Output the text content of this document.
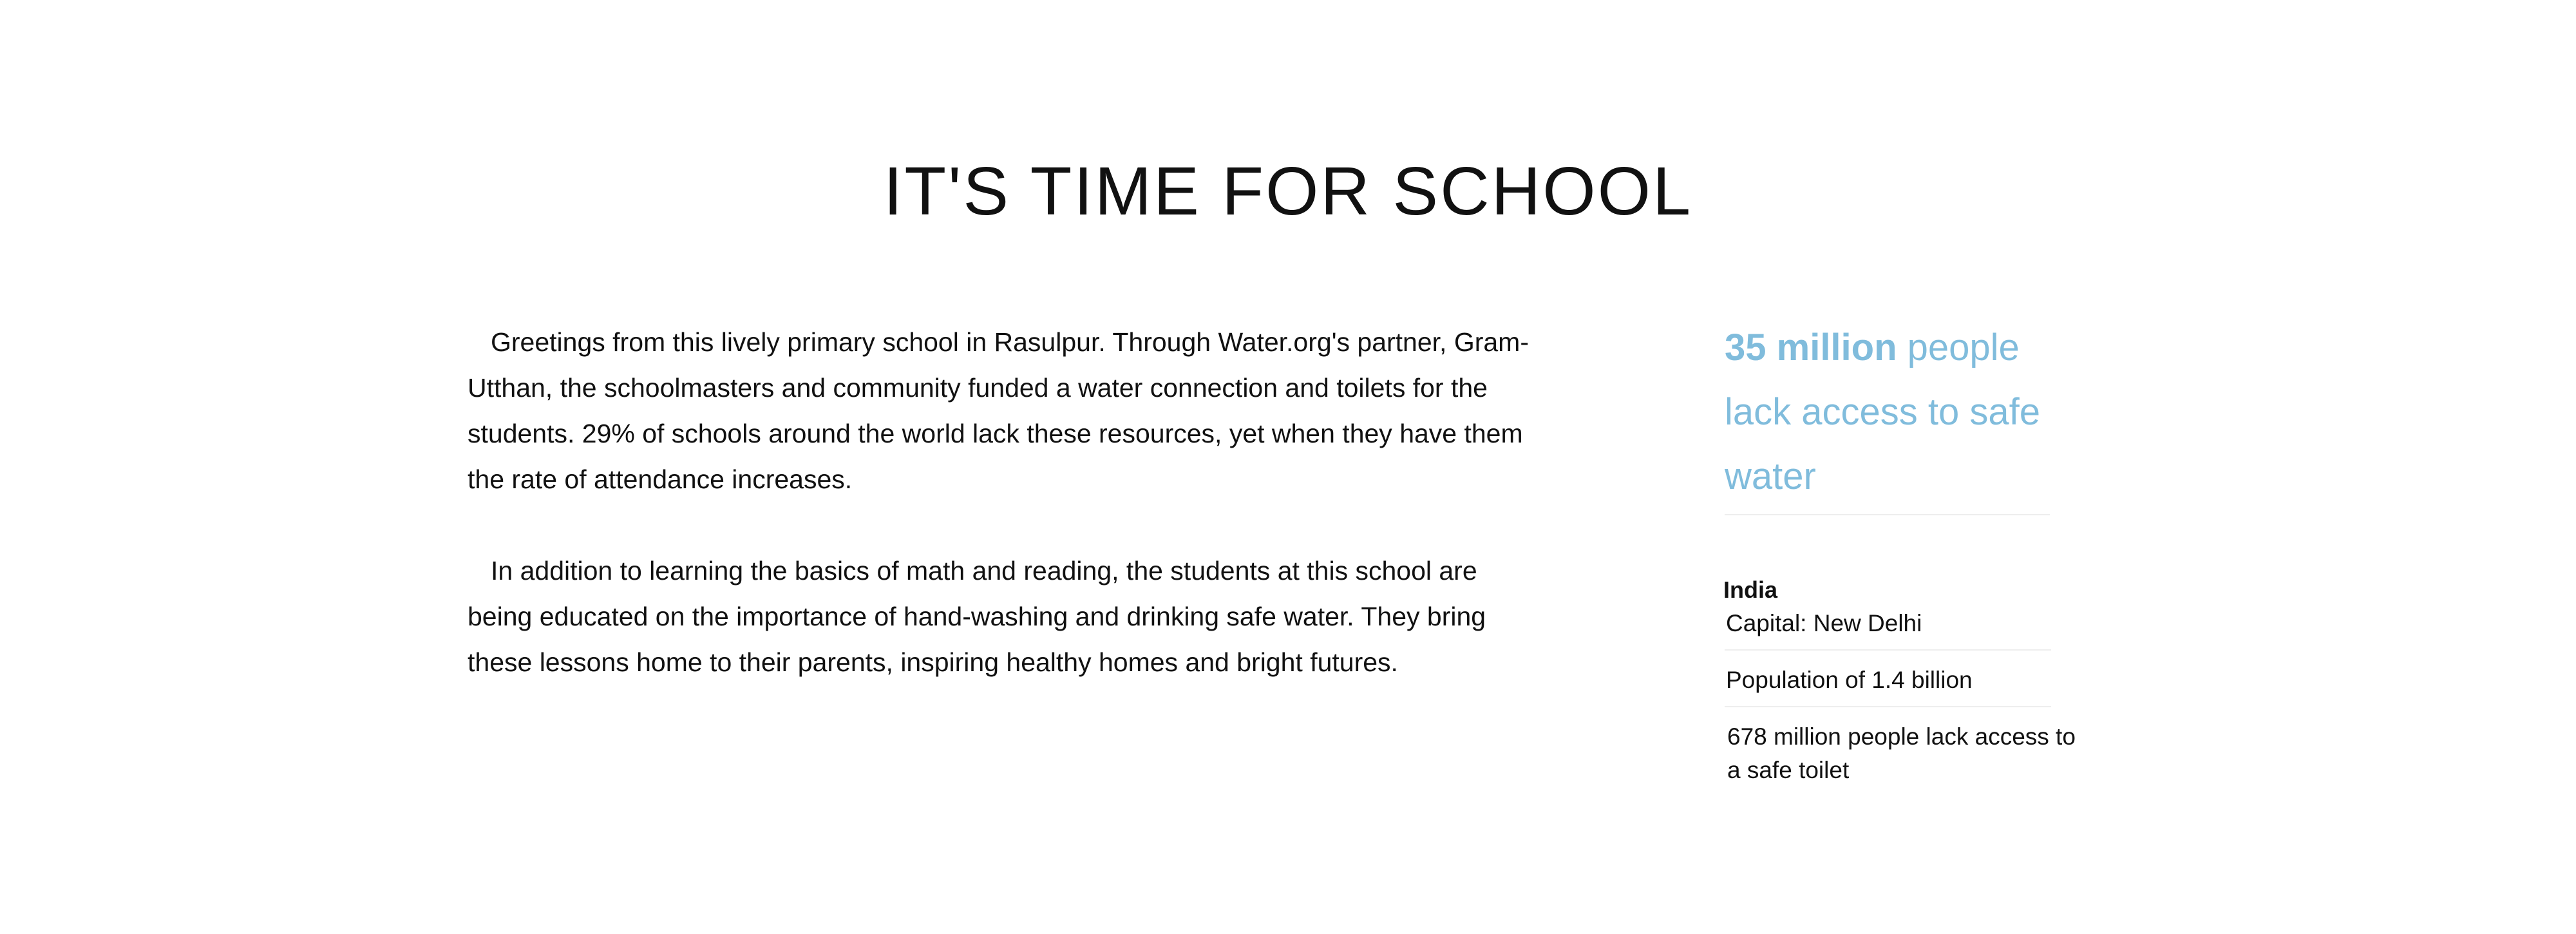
IT'S TIME FOR SCHOOL

Greetings from this lively primary school in Rasulpur. Through Water.org's partner, Gram-Utthan, the schoolmasters and community funded a water connection and toilets for the students. 29% of schools around the world lack these resources, yet when they have them the rate of attendance increases.

In addition to learning the basics of math and reading, the students at this school are being educated on the importance of hand-washing and drinking safe water. They bring these lessons home to their parents, inspiring healthy homes and bright futures.

35 million people lack access to safe water
India
Capital: New Delhi
Population of 1.4 billion
678 million people lack access to a safe toilet
